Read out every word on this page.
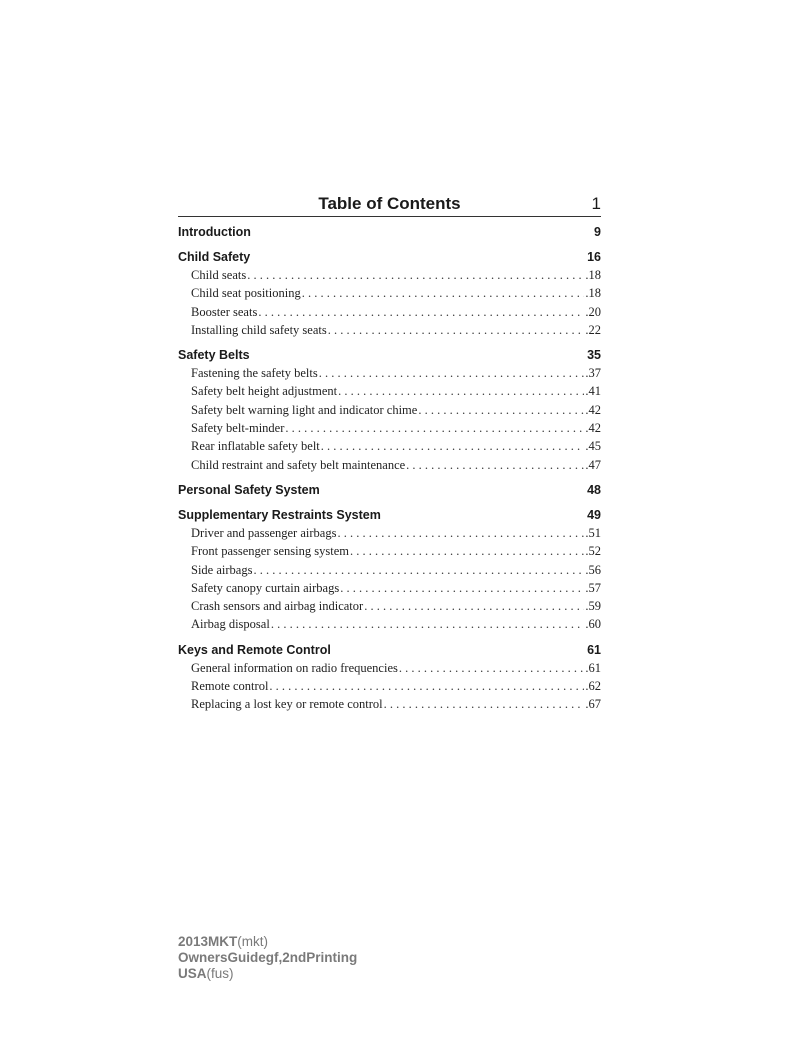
Table of Contents	1
Introduction	9
Child Safety	16
Child seats . . .	. 18
Child seat positioning . . .	. 18
Booster seats . . .	. 20
Installing child safety seats . . .	. 22
Safety Belts	35
Fastening the safety belts . . .	. 37
Safety belt height adjustment . . .	. 41
Safety belt warning light and indicator chime . . .	. 42
Safety belt-minder . . .	. 42
Rear inflatable safety belt . . .	. 45
Child restraint and safety belt maintenance . . .	. 47
Personal Safety System	48
Supplementary Restraints System	49
Driver and passenger airbags . . .	. 51
Front passenger sensing system . . .	. 52
Side airbags . . .	. 56
Safety canopy curtain airbags . . .	. 57
Crash sensors and airbag indicator . . .	. 59
Airbag disposal . . .	. 60
Keys and Remote Control	61
General information on radio frequencies . . .	. 61
Remote control . . .	. 62
Replacing a lost key or remote control . . .	. 67
2013MKT(mkt)
OwnersGuidegf,2ndPrinting
USA(fus)
